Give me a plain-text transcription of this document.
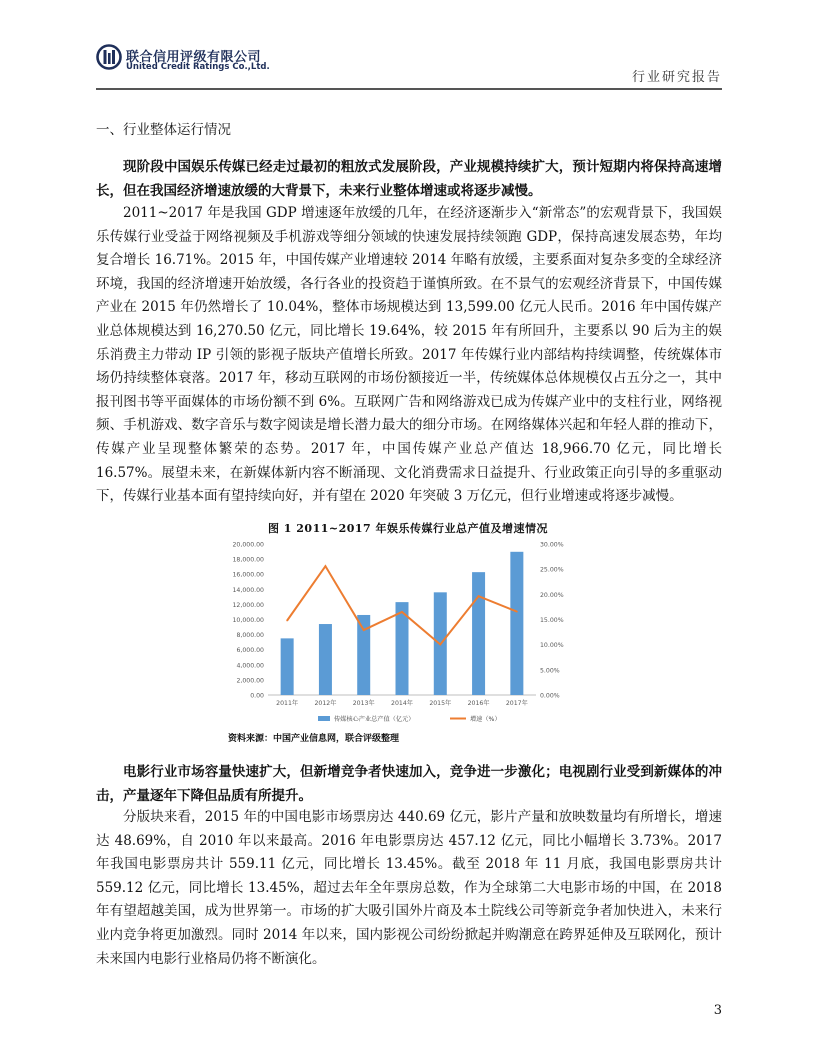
联合信用评级有限公司
United Credit Ratings Co.,Ltd.
行业研究报告
一、行业整体运行情况
现阶段中国娱乐传媒已经走过最初的粗放式发展阶段，产业规模持续扩大，预计短期内将保持高速增长，但在我国经济增速放缓的大背景下，未来行业整体增速或将逐步减慢。
2011~2017 年是我国 GDP 增速逐年放缓的几年，在经济逐渐步入“新常态”的宏观背景下，我国娱乐传媒行业受益于网络视频及手机游戏等细分领域的快速发展持续领跑 GDP，保持高速发展态势，年均复合增长 16.71%。2015 年，中国传媒产业增速较 2014 年略有放缓，主要系面对复杂多变的全球经济环境，我国的经济增速开始放缓，各行各业的投资趋于谨慎所致。在不景气的宏观经济背景下，中国传媒产业在 2015 年仍然增长了 10.04%，整体市场规模达到 13,599.00 亿元人民币。2016 年中国传媒产业总体规模达到 16,270.50 亿元，同比增长 19.64%，较 2015 年有所回升，主要系以 90 后为主的娱乐消费主力带动 IP 引领的影视子版块产值增长所致。2017 年传媒行业内部结构持续调整，传统媒体市场仍持续整体衰落。2017 年，移动互联网的市场份额接近一半，传统媒体总体规模仅占五分之一，其中报刊图书等平面媒体的市场份额不到 6%。互联网广告和网络游戏已成为传媒产业中的支柱行业，网络视频、手机游戏、数字音乐与数字阅读是增长潜力最大的细分市场。在网络媒体兴起和年轻人群的推动下，传媒产业呈现整体繁荣的态势。2017 年，中国传媒产业总产值达 18,966.70 亿元，同比增长 16.57%。展望未来，在新媒体新内容不断涌现、文化消费需求日益提升、行业政策正向引导的多重驱动下，传媒行业基本面有望持续向好，并有望在 2020 年突破 3 万亿元，但行业增速或将逐步减慢。
图 1 2011~2017 年娱乐传媒行业总产值及增速情况
0.00
2,000.00
4,000.00
6,000.00
8,000.00
10,000.00
12,000.00
14,000.00
16,000.00
18,000.00
20,000.00
0.00%
5.00%
10.00%
15.00%
20.00%
25.00%
30.00%
2011年	2012年	2013年	2014年	2015年	2016年	2017年
传媒核心产业总产值（亿元）	增速（%）
资料来源：中国产业信息网，联合评级整理
电影行业市场容量快速扩大，但新增竞争者快速加入，竞争进一步激化；电视剧行业受到新媒体的冲击，产量逐年下降但品质有所提升。
分版块来看，2015 年的中国电影市场票房达 440.69 亿元，影片产量和放映数量均有所增长，增速达 48.69%，自 2010 年以来最高。2016 年电影票房达 457.12 亿元，同比小幅增长 3.73%。2017 年我国电影票房共计 559.11 亿元，同比增长 13.45%。截至 2018 年 11 月底，我国电影票房共计 559.12 亿元，同比增长 13.45%，超过去年全年票房总数，作为全球第二大电影市场的中国，在 2018 年有望超越美国，成为世界第一。市场的扩大吸引国外片商及本土院线公司等新竞争者加快进入，未来行业内竞争将更加激烈。同时 2014 年以来，国内影视公司纷纷掀起并购潮意在跨界延伸及互联网化，预计未来国内电影行业格局仍将不断演化。
3
